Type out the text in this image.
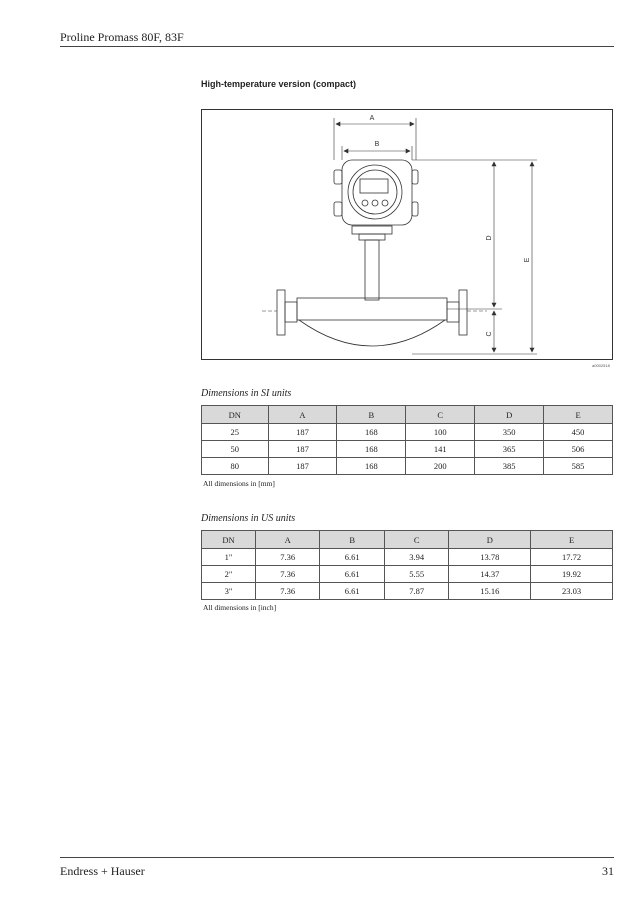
Proline Promass 80F, 83F
High-temperature version (compact)
A
B
C
D
E
a0002518
Dimensions in SI units
DN	A	B	C	D	E
25	187	168	100	350	450
50	187	168	141	365	506
80	187	168	200	385	585
All dimensions in [mm]
Dimensions in US units
DN	A	B	C	D	E
1"	7.36	6.61	3.94	13.78	17.72
2"	7.36	6.61	5.55	14.37	19.92
3"	7.36	6.61	7.87	15.16	23.03
All dimensions in [inch]
Endress + Hauser	31
